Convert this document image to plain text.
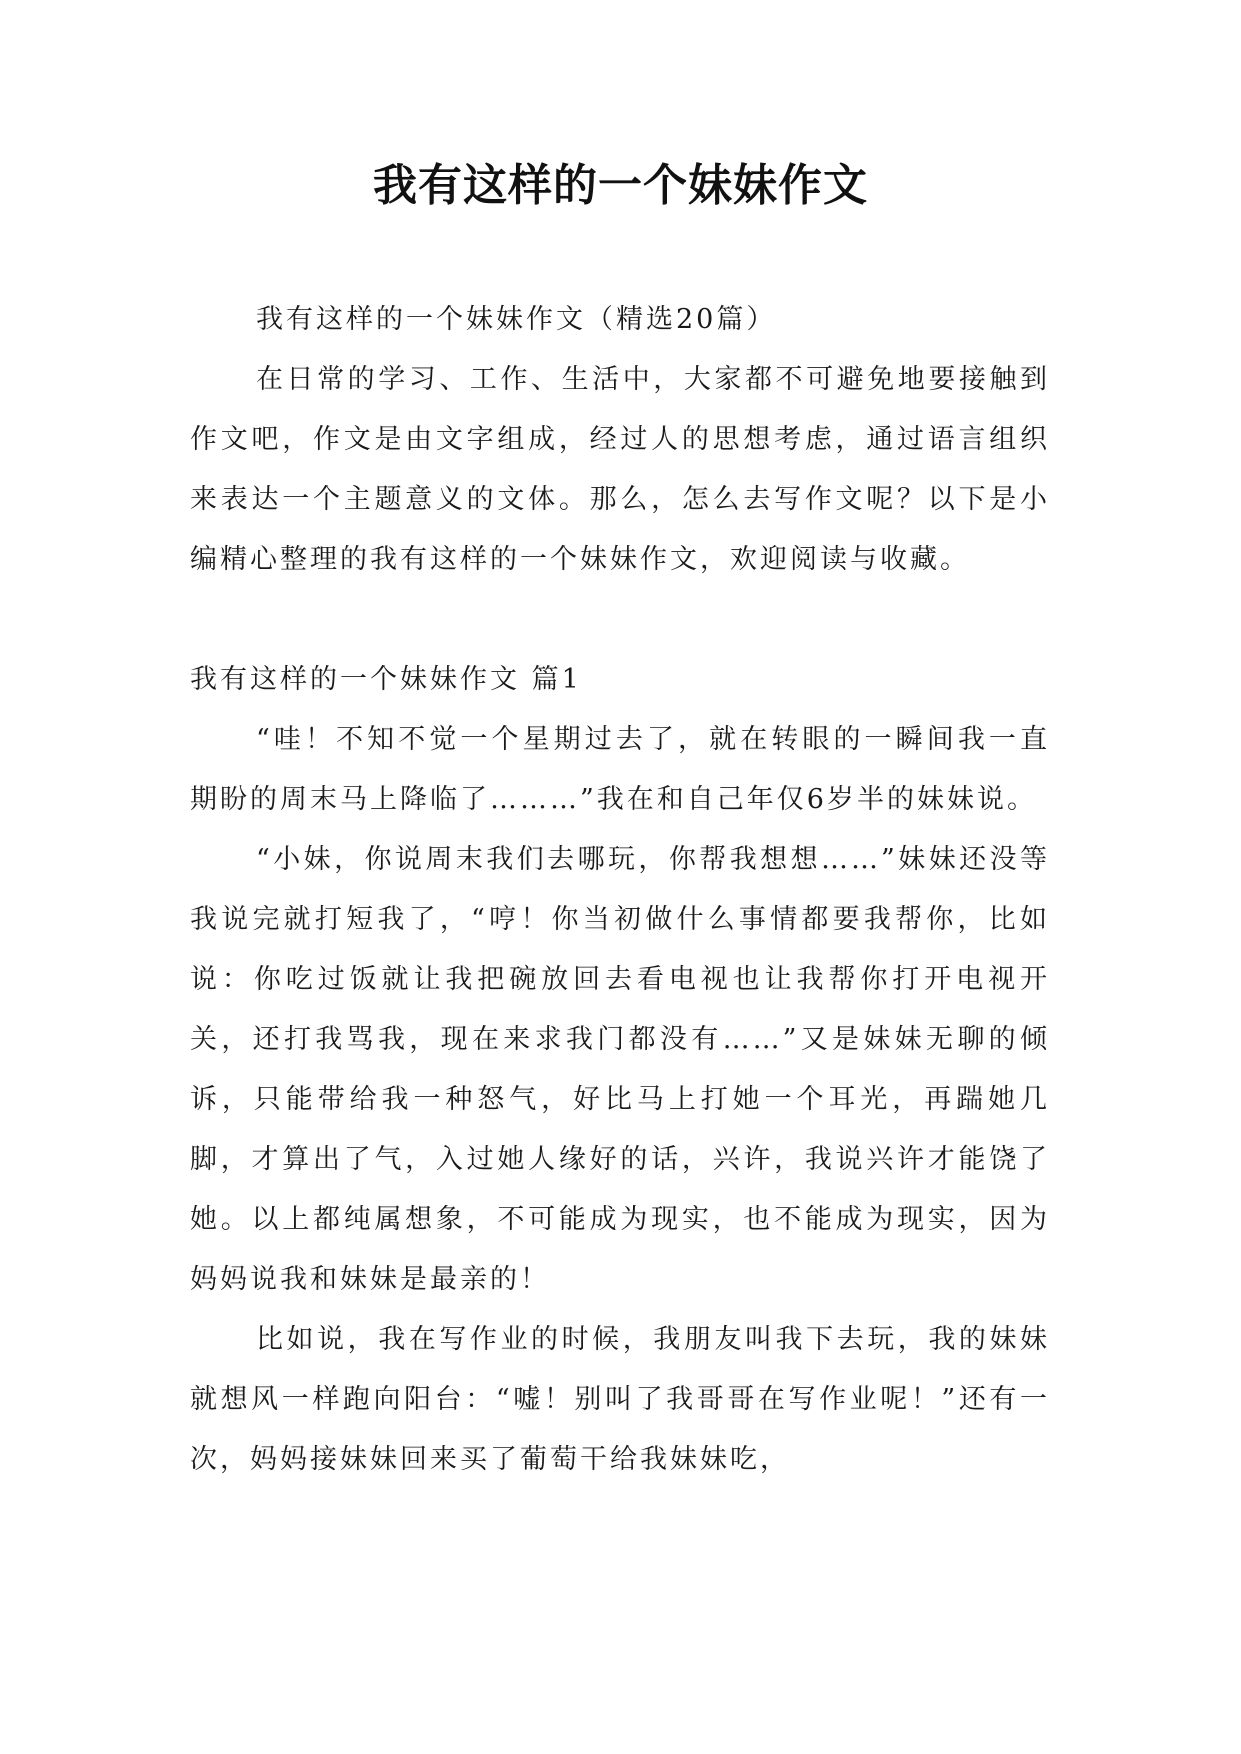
我有这样的一个妹妹作文

我有这样的一个妹妹作文（精选20篇）

在日常的学习、工作、生活中，大家都不可避免地要接触到作文吧，作文是由文字组成，经过人的思想考虑，通过语言组织来表达一个主题意义的文体。那么，怎么去写作文呢？以下是小编精心整理的我有这样的一个妹妹作文，欢迎阅读与收藏。

我有这样的一个妹妹作文 篇1

“哇！不知不觉一个星期过去了，就在转眼的一瞬间我一直期盼的周末马上降临了………”我在和自己年仅6岁半的妹妹说。

“小妹，你说周末我们去哪玩，你帮我想想……”妹妹还没等我说完就打短我了，“哼！你当初做什么事情都要我帮你，比如说：你吃过饭就让我把碗放回去看电视也让我帮你打开电视开关，还打我骂我，现在来求我门都没有……”又是妹妹无聊的倾诉，只能带给我一种怒气，好比马上打她一个耳光，再踹她几脚，才算出了气，入过她人缘好的话，兴许，我说兴许才能饶了她。以上都纯属想象，不可能成为现实，也不能成为现实，因为妈妈说我和妹妹是最亲的！

比如说，我在写作业的时候，我朋友叫我下去玩，我的妹妹就想风一样跑向阳台：“嘘！别叫了我哥哥在写作业呢！”还有一次，妈妈接妹妹回来买了葡萄干给我妹妹吃，
